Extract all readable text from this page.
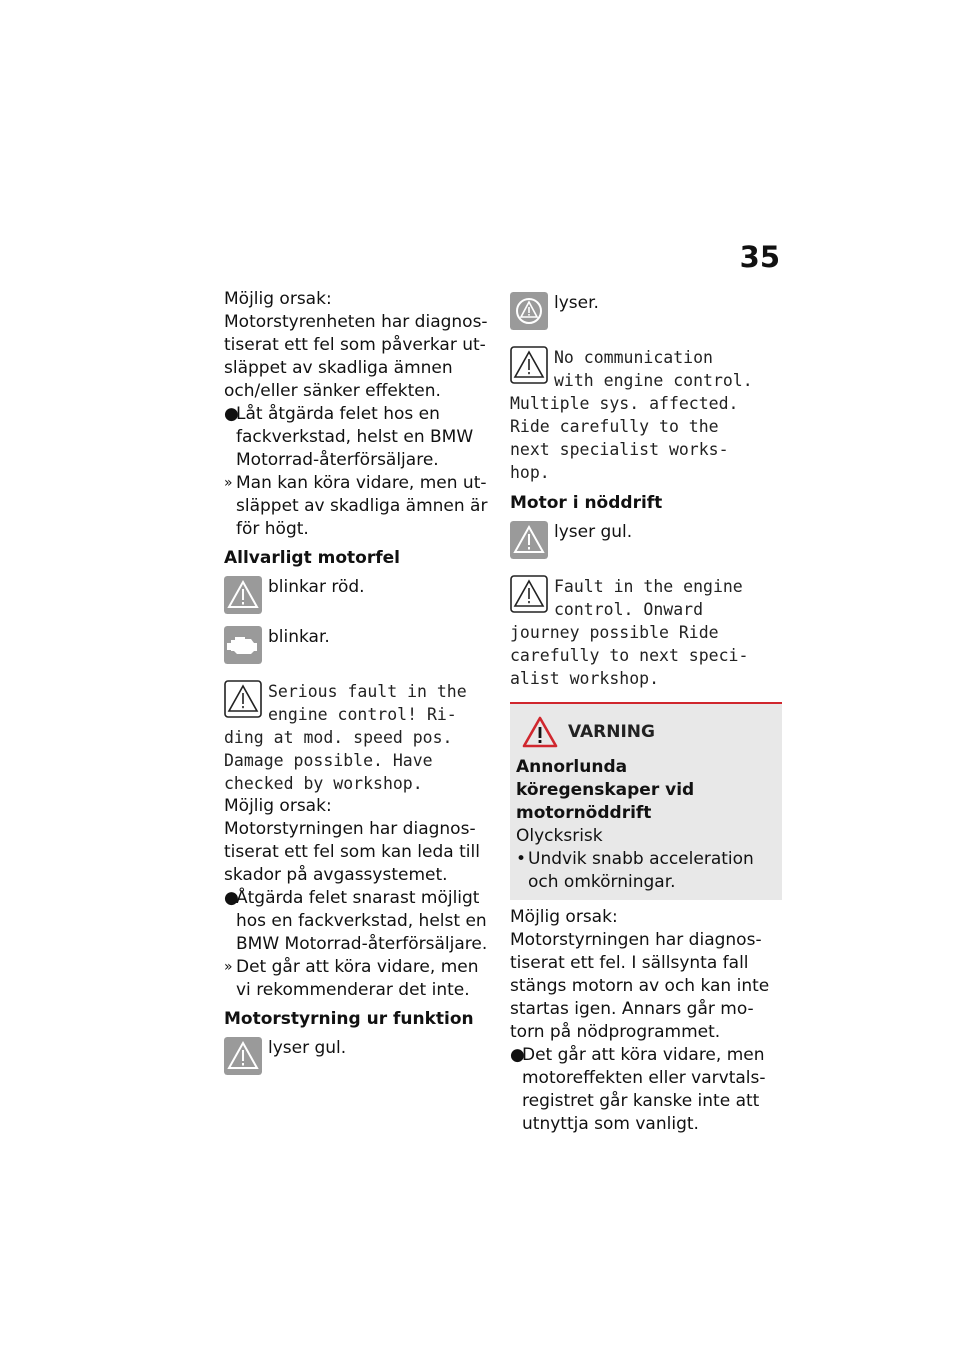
35

Möjlig orsak:

Motorstyrenheten har diagnos-tiserat ett fel som påverkar ut-släppet av skadliga ämnen och/eller sänker effekten.

●
Låt åtgärda felet hos en fackverkstad, helst en BMW Motorrad-återförsäljare.
» Man kan köra vidare, men ut-släppet av skadliga ämnen är för högt.
Allvarligt motorfel
blinkar röd.
blinkar.
Serious fault in the
engine control! Ri-
ding at mod. speed pos.
Damage possible. Have
checked by workshop.

Möjlig orsak:

Motorstyrningen har diagnos-tiserat ett fel som kan leda till skador på avgassystemet.

●
Åtgärda felet snarast möjligt hos en fackverkstad, helst en BMW Motorrad-återförsäljare.
» Det går att köra vidare, men vi rekommenderar det inte.
Motorstyrning ur funktion
lyser gul.
lyser.
No communication
with engine control.
Multiple sys. affected.
Ride carefully to the
next specialist works-
hop.
Motor i nöddrift
lyser gul.
Fault in the engine
control. Onward
journey possible Ride
carefully to next speci-
alist workshop.
VARNING
Annorlunda köregenskaper vid motornöddrift

Olycksrisk

• Undvik snabb acceleration och omkörningar.

Möjlig orsak:

Motorstyrningen har diagnos-tiserat ett fel. I sällsynta fall stängs motorn av och kan inte startas igen. Annars går mo-torn på nödprogrammet.

●
Det går att köra vidare, men motoreffekten eller varvtals-registret går kanske inte att utnyttja som vanligt.
